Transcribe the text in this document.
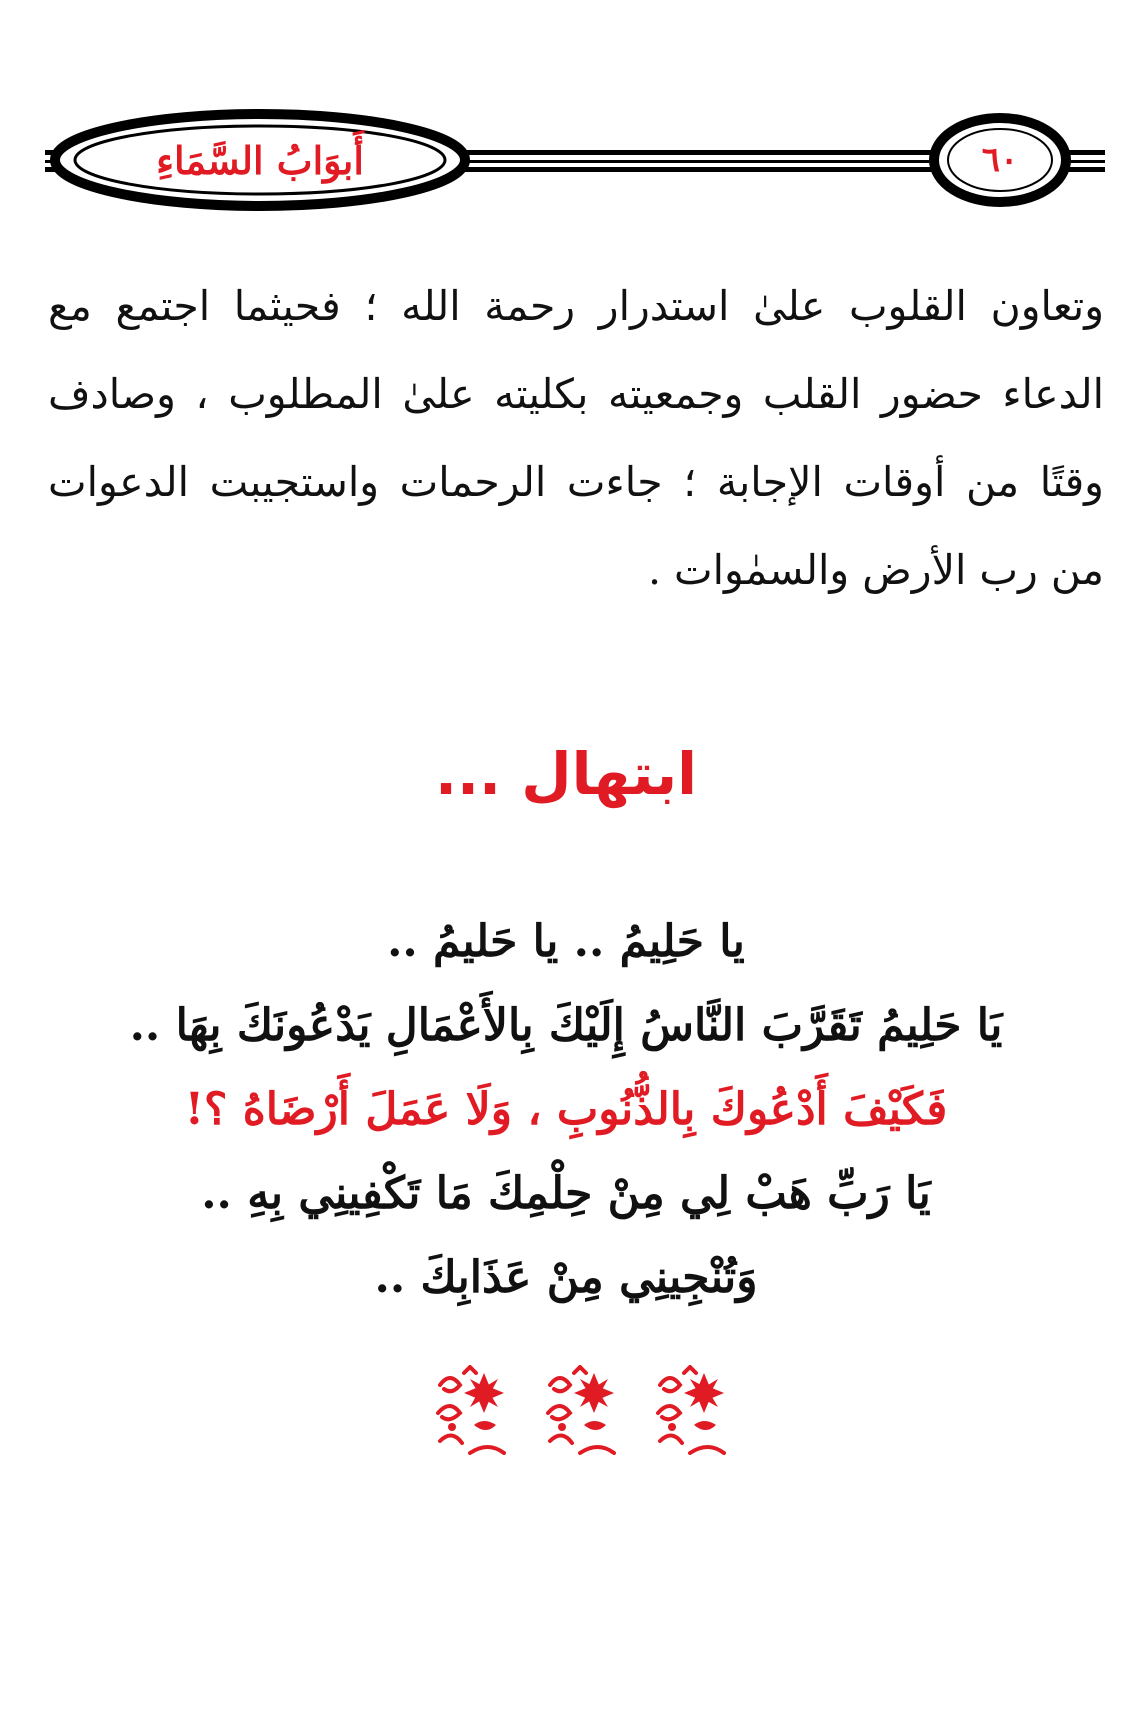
أَبوَابُ السَّمَاءِ	٦٠

وتعاون القلوب علىٰ استدرار رحمة الله ؛ فحيثما اجتمع مع الدعاء حضور القلب وجمعيته بكليته علىٰ المطلوب ، وصادف وقتًا من أوقات الإجابة ؛ جاءت الرحمات واستجيبت الدعوات من رب الأرض والسمٰوات .

ابتهال ...
يا حَلِيمُ .. يا حَليمُ ..
يَا حَلِيمُ تَقَرَّبَ النَّاسُ إِلَيْكَ بِالأَعْمَالِ يَدْعُونَكَ بِهَا ..
فَكَيْفَ أَدْعُوكَ بِالذُّنُوبِ ، وَلَا عَمَلَ أَرْضَاهُ ؟!
يَا رَبِّ هَبْ لِي مِنْ حِلْمِكَ مَا تَكْفِينِي بِهِ ..
وَتُنْجِينِي مِنْ عَذَابِكَ ..
